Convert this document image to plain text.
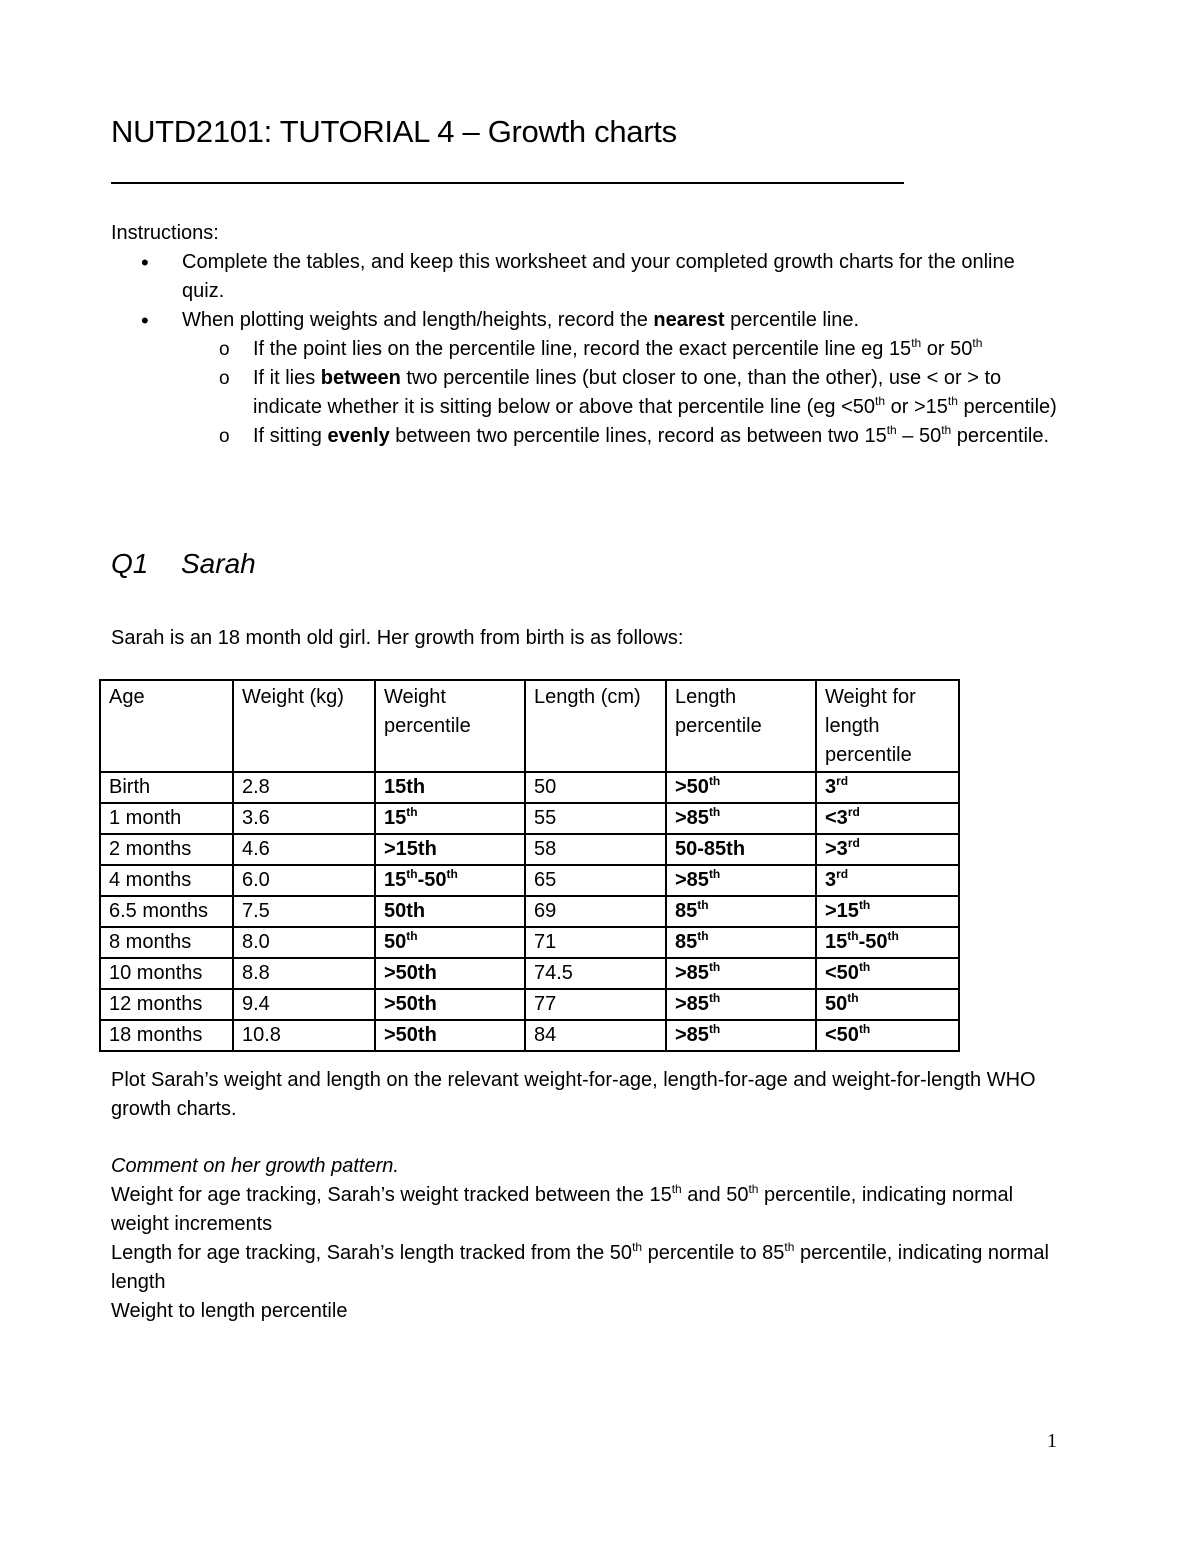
NUTD2101: TUTORIAL 4 – Growth charts

Instructions:

• Complete the tables, and keep this worksheet and your completed growth charts for the online quiz.
• When plotting weights and length/heights, record the nearest percentile line.
o If the point lies on the percentile line, record the exact percentile line eg 15th or 50th
o If it lies between two percentile lines (but closer to one, than the other), use < or > to indicate whether it is sitting below or above that percentile line (eg <50th or >15th percentile)
o If sitting evenly between two percentile lines, record as between two 15th – 50th percentile.
Q1 Sarah

Sarah is an 18 month old girl. Her growth from birth is as follows:

Age	Weight (kg)	Weight percentile	Length (cm)	Length percentile	Weight for length percentile
Birth	2.8	15th	50	>50th	3rd
1 month	3.6	15th	55	>85th	<3rd
2 months	4.6	>15th	58	50-85th	>3rd
4 months	6.0	15th-50th	65	>85th	3rd
6.5 months	7.5	50th	69	85th	>15th
8 months	8.0	50th	71	85th	15th-50th
10 months	8.8	>50th	74.5	>85th	<50th
12 months	9.4	>50th	77	>85th	50th
18 months	10.8	>50th	84	>85th	<50th

Plot Sarah’s weight and length on the relevant weight-for-age, length-for-age and weight-for-length WHO growth charts.

Comment on her growth pattern.

Weight for age tracking, Sarah’s weight tracked between the 15th and 50th percentile, indicating normal weight increments
Length for age tracking, Sarah’s length tracked from the 50th percentile to 85th percentile, indicating normal length
Weight to length percentile
1
